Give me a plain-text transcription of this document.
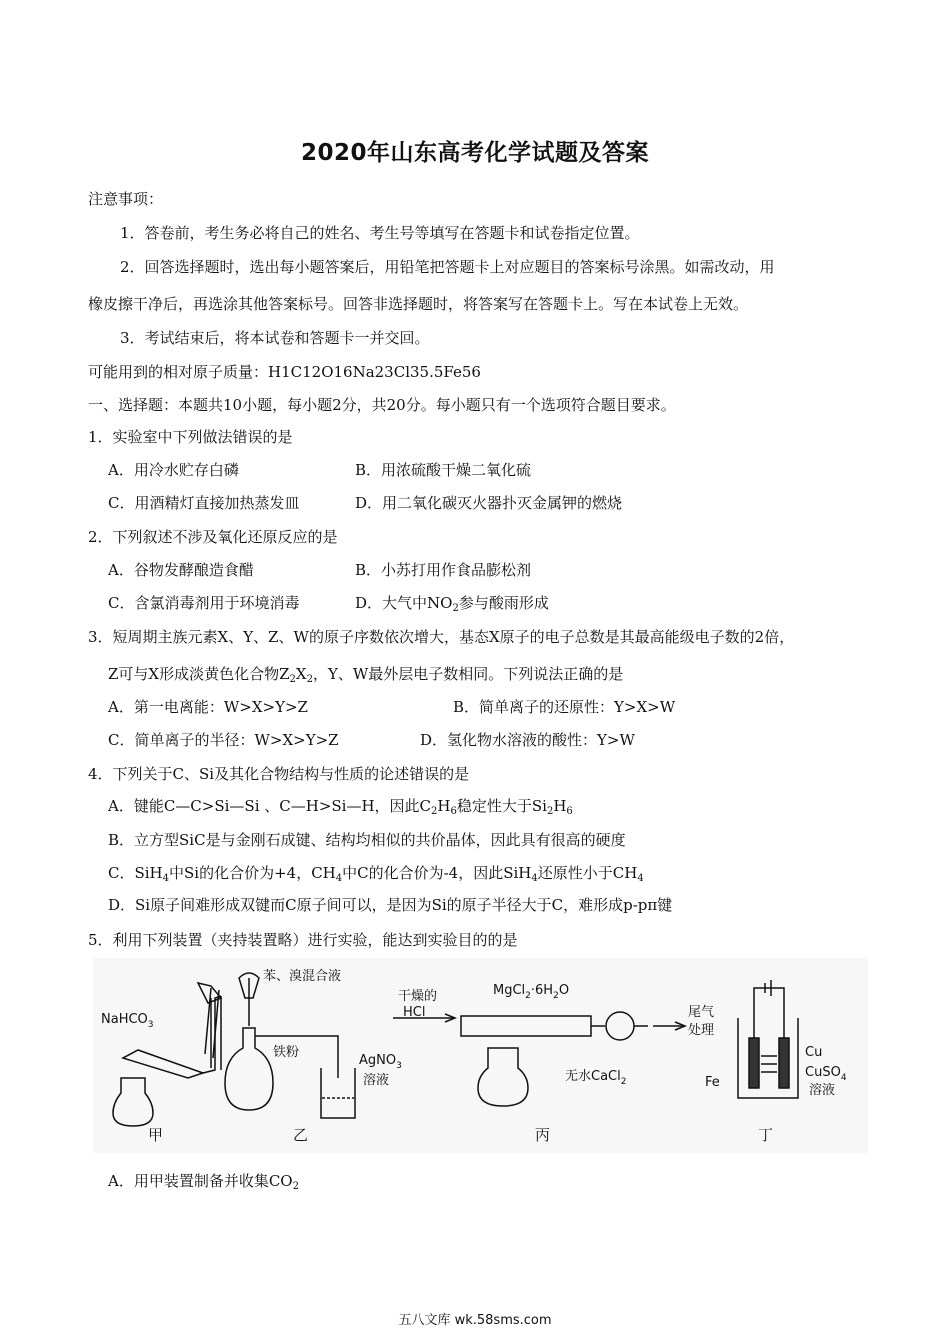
2020年山东高考化学试题及答案
注意事项：
1．答卷前，考生务必将自己的姓名、考生号等填写在答题卡和试卷指定位置。
2．回答选择题时，选出每小题答案后，用铅笔把答题卡上对应题目的答案标号涂黑。如需改动，用
橡皮擦干净后，再选涂其他答案标号。回答非选择题时，将答案写在答题卡上。写在本试卷上无效。
3．考试结束后，将本试卷和答题卡一并交回。
可能用到的相对原子质量：H1C12O16Na23Cl35.5Fe56
一、选择题：本题共10小题，每小题2分，共20分。每小题只有一个选项符合题目要求。
1．实验室中下列做法错误的是
A．用冷水贮存白磷	B．用浓硫酸干燥二氧化硫
C．用酒精灯直接加热蒸发皿	D．用二氧化碳灭火器扑灭金属钾的燃烧
2．下列叙述不涉及氧化还原反应的是
A．谷物发酵酿造食醋	B．小苏打用作食品膨松剂
C．含氯消毒剂用于环境消毒	D．大气中$NO_2$参与酸雨形成
3．短周期主族元素X、Y、Z、W的原子序数依次增大，基态X原子的电子总数是其最高能级电子数的2倍，
Z可与X形成淡黄色化合物$Z_2X_2$，Y、W最外层电子数相同。下列说法正确的是
A．第一电离能：W>X>Y>Z	B．简单离子的还原性：Y>X>W
C．简单离子的半径：W>X>Y>Z	D．氢化物水溶液的酸性：Y>W
4．下列关于C、Si及其化合物结构与性质的论述错误的是
A．键能C—C>Si—Si 、C—H>Si—H，因此$C_2H_6$稳定性大于$Si_2H_6$
B．立方型SiC是与金刚石成键、结构均相似的共价晶体，因此具有很高的硬度
C．SiH$_4$中Si的化合价为+4，$CH_4$中C的化合价为-4，因此SiH$_4$还原性小于$CH_4$
D．Si原子间难形成双键而C原子间可以，是因为Si的原子半径大于C，难形成p-pπ键
5．利用下列装置（夹持装置略）进行实验，能达到实验目的的是
NaHCO$_3$
苯、溴混合液
铁粉
AgNO$_3$
溶液
干燥的
HCl
$MgCl_2\cdot 6H_2O$
无水CaCl$_2$
尾气
处理
Cu
Fe
CuSO$_4$
溶液
甲	乙	丙	丁
A．用甲装置制备并收集$CO_2$
五八文库 wk.58sms.com
